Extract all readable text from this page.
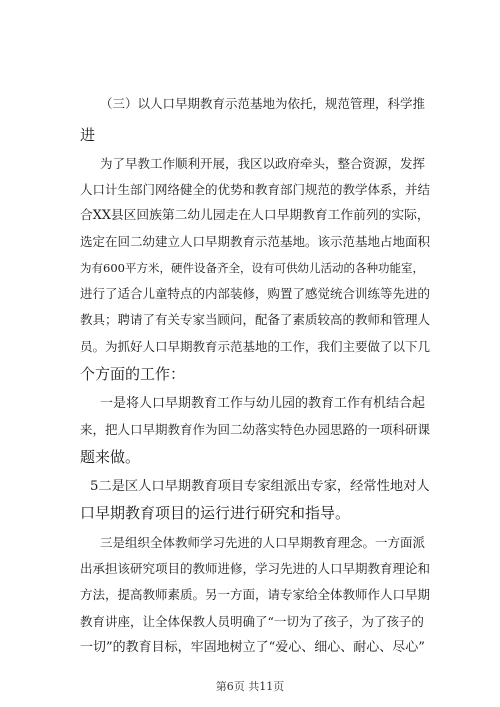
（三）以人口早期教育示范基地为依托，规范管理，科学推
进
为了早教工作顺利开展，我区以政府牵头，整合资源，发挥
人口计生部门网络健全的优势和教育部门规范的教学体系，并结
合XX县区回族第二幼儿园走在人口早期教育工作前列的实际，
选定在回二幼建立人口早期教育示范基地。该示范基地占地面积
为有600平方米，硬件设备齐全，设有可供幼儿活动的各种功能室，
进行了适合儿童特点的内部装修，购置了感觉统合训练等先进的
教具；聘请了有关专家当顾问，配备了素质较高的教师和管理人
员。为抓好人口早期教育示范基地的工作，我们主要做了以下几
个方面的工作：
一是将人口早期教育工作与幼儿园的教育工作有机结合起
来，把人口早期教育作为回二幼落实特色办园思路的一项科研课
题来做。
5二是区人口早期教育项目专家组派出专家，经常性地对人
口早期教育项目的运行进行研究和指导。
三是组织全体教师学习先进的人口早期教育理念。一方面派
出承担该研究项目的教师进修，学习先进的人口早期教育理论和
方法，提高教师素质。另一方面，请专家给全体教师作人口早期
教育讲座，让全体保教人员明确了“一切为了孩子，为了孩子的
一切”的教育目标，牢固地树立了“爱心、细心、耐心、尽心”
第6页 共11页
